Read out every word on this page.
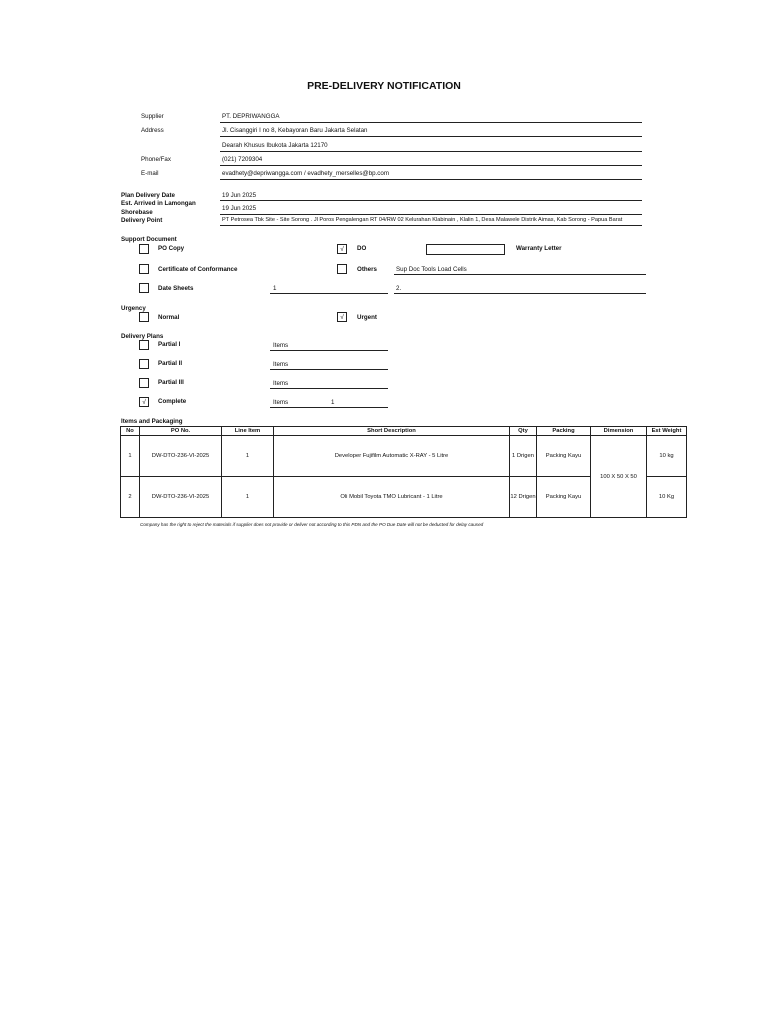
PRE-DELIVERY NOTIFICATION
Supplier	PT. DEPRIWANGGA
Address	Jl. Cisanggiri I no 8, Kebayoran Baru Jakarta Selatan
Dearah Khusus Ibukota Jakarta 12170
Phone/Fax	(021) 7209304
E-mail	evadhety@depriwangga.com / evadhety_merselles@bp.com
Plan Delivery Date	19 Jun 2025
Est. Arrived in Lamongan
Shorebase
19 Jun 2025
Delivery Point	PT Petrosea Tbk Site - Site Sorong . Jl Poros Pengalengan RT 04/RW 02 Kelurahan Klabinain , Klalin 1, Desa Malawele Distrik Aimas, Kab Sorong - Papua Barat
Support Document
PO Copy	√	DO	Warranty Letter
Certificate of Conformance	Others	Sup Doc Tools Load Cells
Date Sheets	1	2.
Urgency
Normal	√	Urgent
Delivery Plans
Partial I	Items
Partial II	Items
Partial III	Items
√	Complete	Items	1
Items and Packaging
No	PO No.	Line Item	Short Description	Qty	Packing	Dimension	Est Weight
1	DW-DTO-236-VI-2025	1	Developer Fujifilm Automatic X-RAY - 5 Litre	1 Drigen	Packing Kayu	100 X 50 X 50	10 kg
2	DW-DTO-236-VI-2025	1	Oli Mobil Toyota TMO Lubricant - 1 Litre	12 Drigen	Packing Kayu		10 Kg
Company has the right to reject the materials if supplier does not provide or deliver not according to this PDN and the PO Due Date will not be deducted for delay caused
